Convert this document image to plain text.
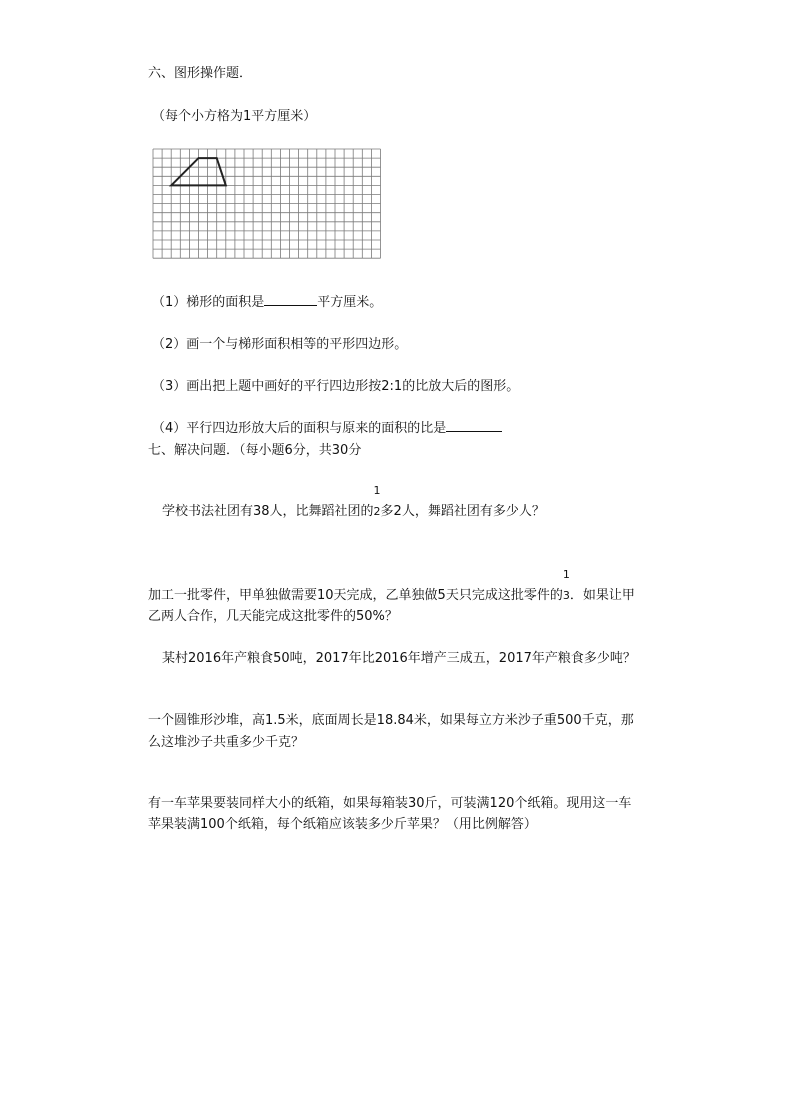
六、图形操作题．
（每个小方格为1平方厘米）
（1）梯形的面积是	平方厘米。
（2）画一个与梯形面积相等的平形四边形。
（3）画出把上题中画好的平行四边形按2:1的比放大后的图形。
（4）平行四边形放大后的面积与原来的面积的比是
七、解决问题．（每小题6分，共30分
学校书法社团有38人，比舞蹈社团的
1
2多2人，舞蹈社团有多少人？
加工一批零件，甲单独做需要10天完成，乙单独做5天只完成这批零件的
1
3．如果让甲
乙两人合作，几天能完成这批零件的50%？
某村2016年产粮食50吨，2017年比2016年增产三成五，2017年产粮食多少吨？
一个圆锥形沙堆，高1.5米，底面周长是18.84米，如果每立方米沙子重500千克，那
么这堆沙子共重多少千克？
有一车苹果要装同样大小的纸箱，如果每箱装30斤，可装满120个纸箱。现用这一车
苹果装满100个纸箱，每个纸箱应该装多少斤苹果？（用比例解答）
